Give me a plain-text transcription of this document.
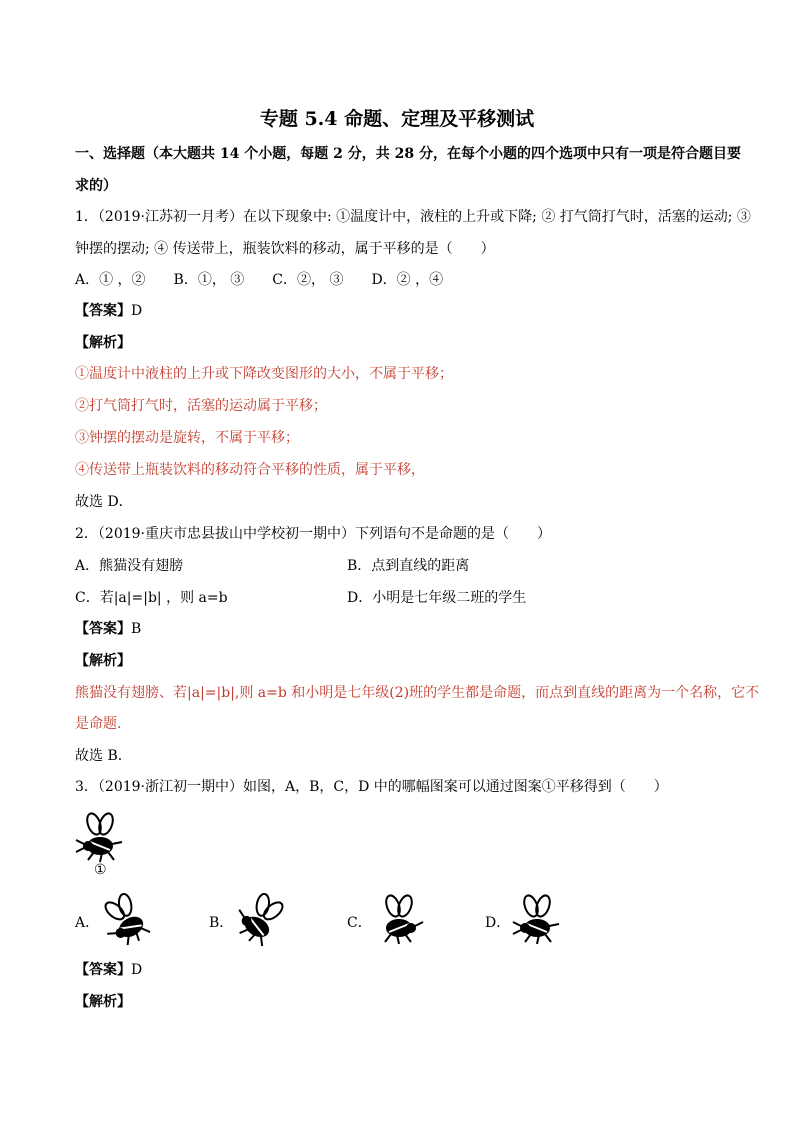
专题 5.4 命题、定理及平移测试
一、选择题（本大题共 14 个小题，每题 2 分，共 28 分，在每个小题的四个选项中只有一项是符合题目要
求的）
1．（2019·江苏初一月考）在以下现象中: ①温度计中，液柱的上升或下降; ② 打气筒打气时，活塞的运动; ③
钟摆的摆动; ④ 传送带上，瓶装饮料的移动，属于平移的是（　　）
A．① ，②　　B．①， ③　　C．②， ③　　D．② ，④
【答案】D
【解析】
①温度计中液柱的上升或下降改变图形的大小，不属于平移；
②打气筒打气时，活塞的运动属于平移；
③钟摆的摆动是旋转，不属于平移；
④传送带上瓶装饮料的移动符合平移的性质，属于平移，
故选 D．
2．（2019·重庆市忠县拔山中学校初一期中）下列语句不是命题的是（　　）
A．熊猫没有翅膀	B．点到直线的距离
C．若|a|=|b| ，则 a=b	D．小明是七年级二班的学生
【答案】B
【解析】
熊猫没有翅膀、若|a|=|b|,则 a=b 和小明是七年级(2)班的学生都是命题，而点到直线的距离为一个名称，它不
是命题.
故选 B.
3．（2019·浙江初一期中）如图，A，B，C，D 中的哪幅图案可以通过图案①平移得到（　　）
①
A．	B．	C．	D．
【答案】D
【解析】
